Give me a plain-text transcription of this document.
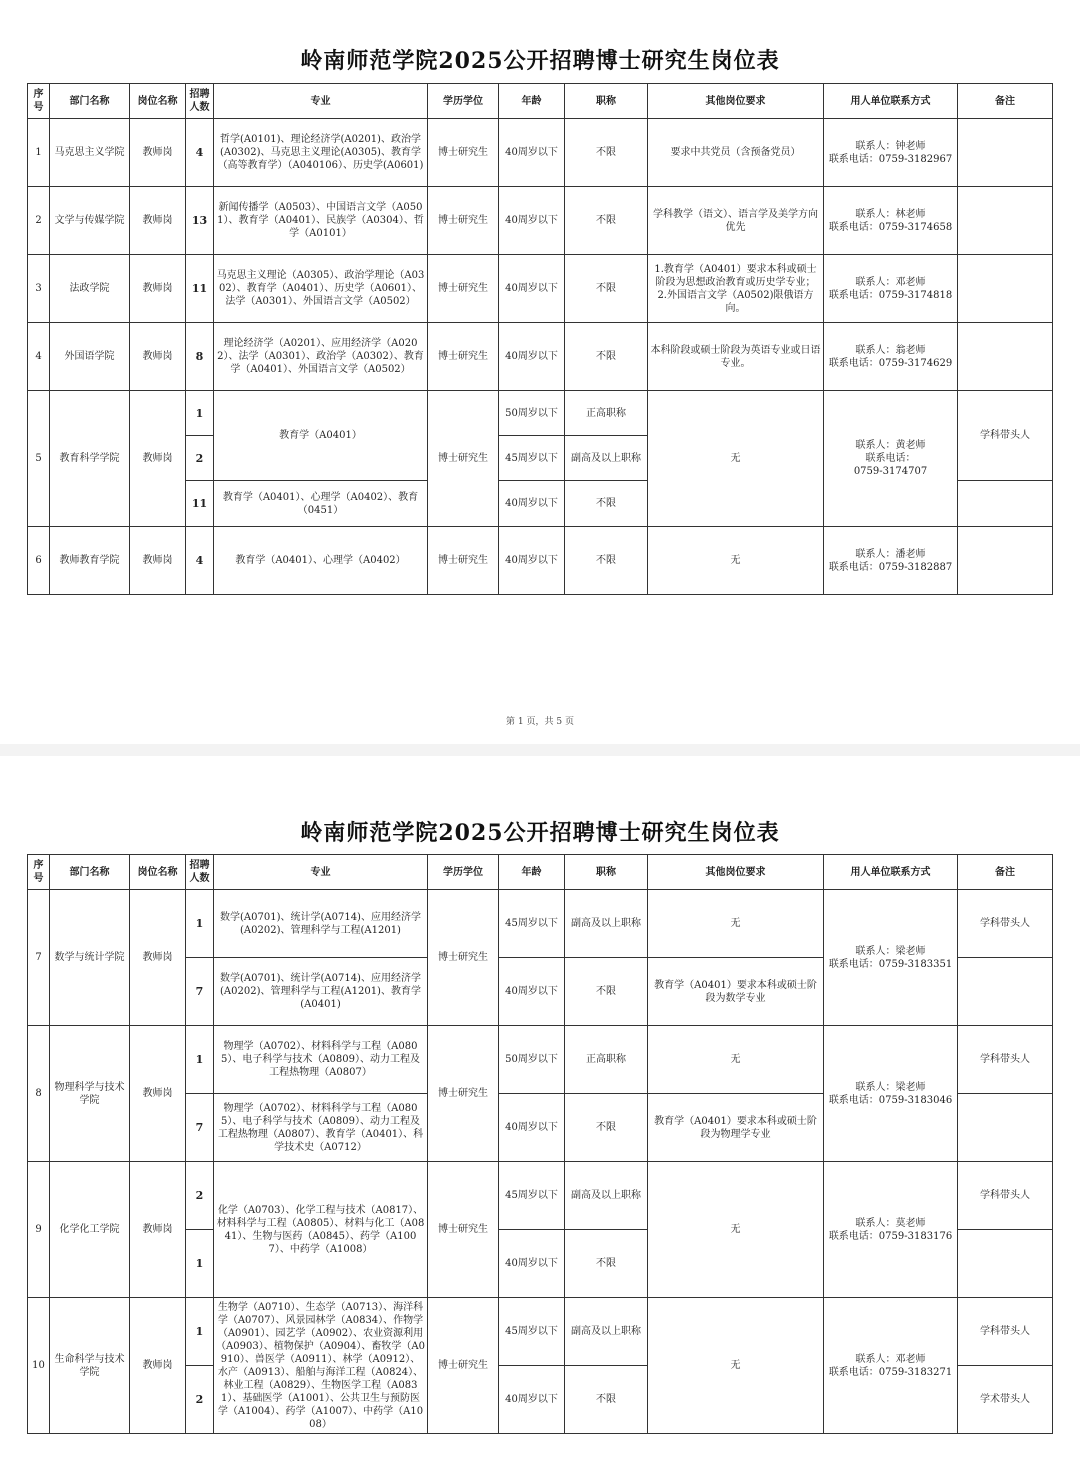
岭南师范学院2025公开招聘博士研究生岗位表
序号	部门名称	岗位名称	招聘人数	专业	学历学位	年龄	职称	其他岗位要求	用人单位联系方式	备注
1	马克思主义学院	教师岗	4	哲学(A0101)、理论经济学(A0201)、政治学(A0302)、马克思主义理论(A0305)、教育学（高等教育学）（A040106）、历史学(A0601)	博士研究生	40周岁以下	不限	要求中共党员（含预备党员）	联系人：钟老师
联系电话：0759-3182967	
2	文学与传媒学院	教师岗	13	新闻传播学（A0503）、中国语言文学（A0501）、教育学（A0401）、民族学（A0304）、哲学（A0101）	博士研究生	40周岁以下	不限	学科教学（语文）、语言学及美学方向优先	联系人：林老师
联系电话：0759-3174658	
3	法政学院	教师岗	11	马克思主义理论（A0305）、政治学理论（A0302）、教育学（A0401）、历史学（A0601）、法学（A0301）、外国语言文学（A0502）	博士研究生	40周岁以下	不限	1.教育学（A0401）要求本科或硕士阶段为思想政治教育或历史学专业；
2.外国语言文学（A0502)限俄语方向。	联系人：邓老师
联系电话：0759-3174818	
4	外国语学院	教师岗	8	理论经济学（A0201）、应用经济学（A0202）、法学（A0301）、政治学（A0302）、教育学（A0401）、外国语言文学（A0502）	博士研究生	40周岁以下	不限	本科阶段或硕士阶段为英语专业或日语专业。	联系人：翁老师
联系电话：0759-3174629	
5	教育科学学院	教师岗	1	教育学（A0401）	博士研究生	50周岁以下	正高职称	无	联系人：黄老师
联系电话：
0759-3174707	学科带头人
			2			45周岁以下	副高及以上职称			
			11	教育学（A0401）、心理学（A0402）、教育（0451）		40周岁以下	不限			
6	教师教育学院	教师岗	4	教育学（A0401）、心理学（A0402）	博士研究生	40周岁以下	不限	无	联系人：潘老师
联系电话：0759-3182887	
第 1 页，共 5 页
岭南师范学院2025公开招聘博士研究生岗位表
序号	部门名称	岗位名称	招聘人数	专业	学历学位	年龄	职称	其他岗位要求	用人单位联系方式	备注
7	数学与统计学院	教师岗	1	数学(A0701)、统计学(A0714)、应用经济学(A0202)、管理科学与工程(A1201)	博士研究生	45周岁以下	副高及以上职称	无	联系人：梁老师
联系电话：0759-3183351	学科带头人
			7	数学(A0701)、统计学(A0714)、应用经济学(A0202)、管理科学与工程(A1201)、教育学(A0401)		40周岁以下	不限	教育学（A0401）要求本科或硕士阶段为数学专业		
8	物理科学与技术学院	教师岗	1	物理学（A0702）、材料科学与工程（A0805）、电子科学与技术（A0809）、动力工程及工程热物理（A0807）	博士研究生	50周岁以下	正高职称	无	联系人：梁老师
联系电话：0759-3183046	学科带头人
			7	物理学（A0702）、材料科学与工程（A0805）、电子科学与技术（A0809）、动力工程及工程热物理（A0807）、教育学（A0401）、科学技术史（A0712）		40周岁以下	不限	教育学（A0401）要求本科或硕士阶段为物理学专业		
9	化学化工学院	教师岗	2	化学（A0703）、化学工程与技术（A0817）、材料科学与工程（A0805）、材料与化工（A0841）、生物与医药（A0845）、药学（A1007）、中药学（A1008）	博士研究生	45周岁以下	副高及以上职称	无	联系人：莫老师
联系电话：0759-3183176	学科带头人
			1			40周岁以下	不限			
10	生命科学与技术学院	教师岗	1	生物学（A0710）、生态学（A0713）、海洋科学（A0707）、风景园林学（A0834）、作物学（A0901）、园艺学（A0902）、农业资源利用（A0903）、植物保护（A0904）、畜牧学（A0910）、兽医学（A0911）、林学（A0912）、水产（A0913）、船舶与海洋工程（A0824）、林业工程（A0829）、生物医学工程（A0831）、基础医学（A1001）、公共卫生与预防医学（A1004）、药学（A1007）、中药学（A1008）	博士研究生	45周岁以下	副高及以上职称	无	联系人：邓老师
联系电话：0759-3183271	学科带头人
			2			40周岁以下	不限			学术带头人
